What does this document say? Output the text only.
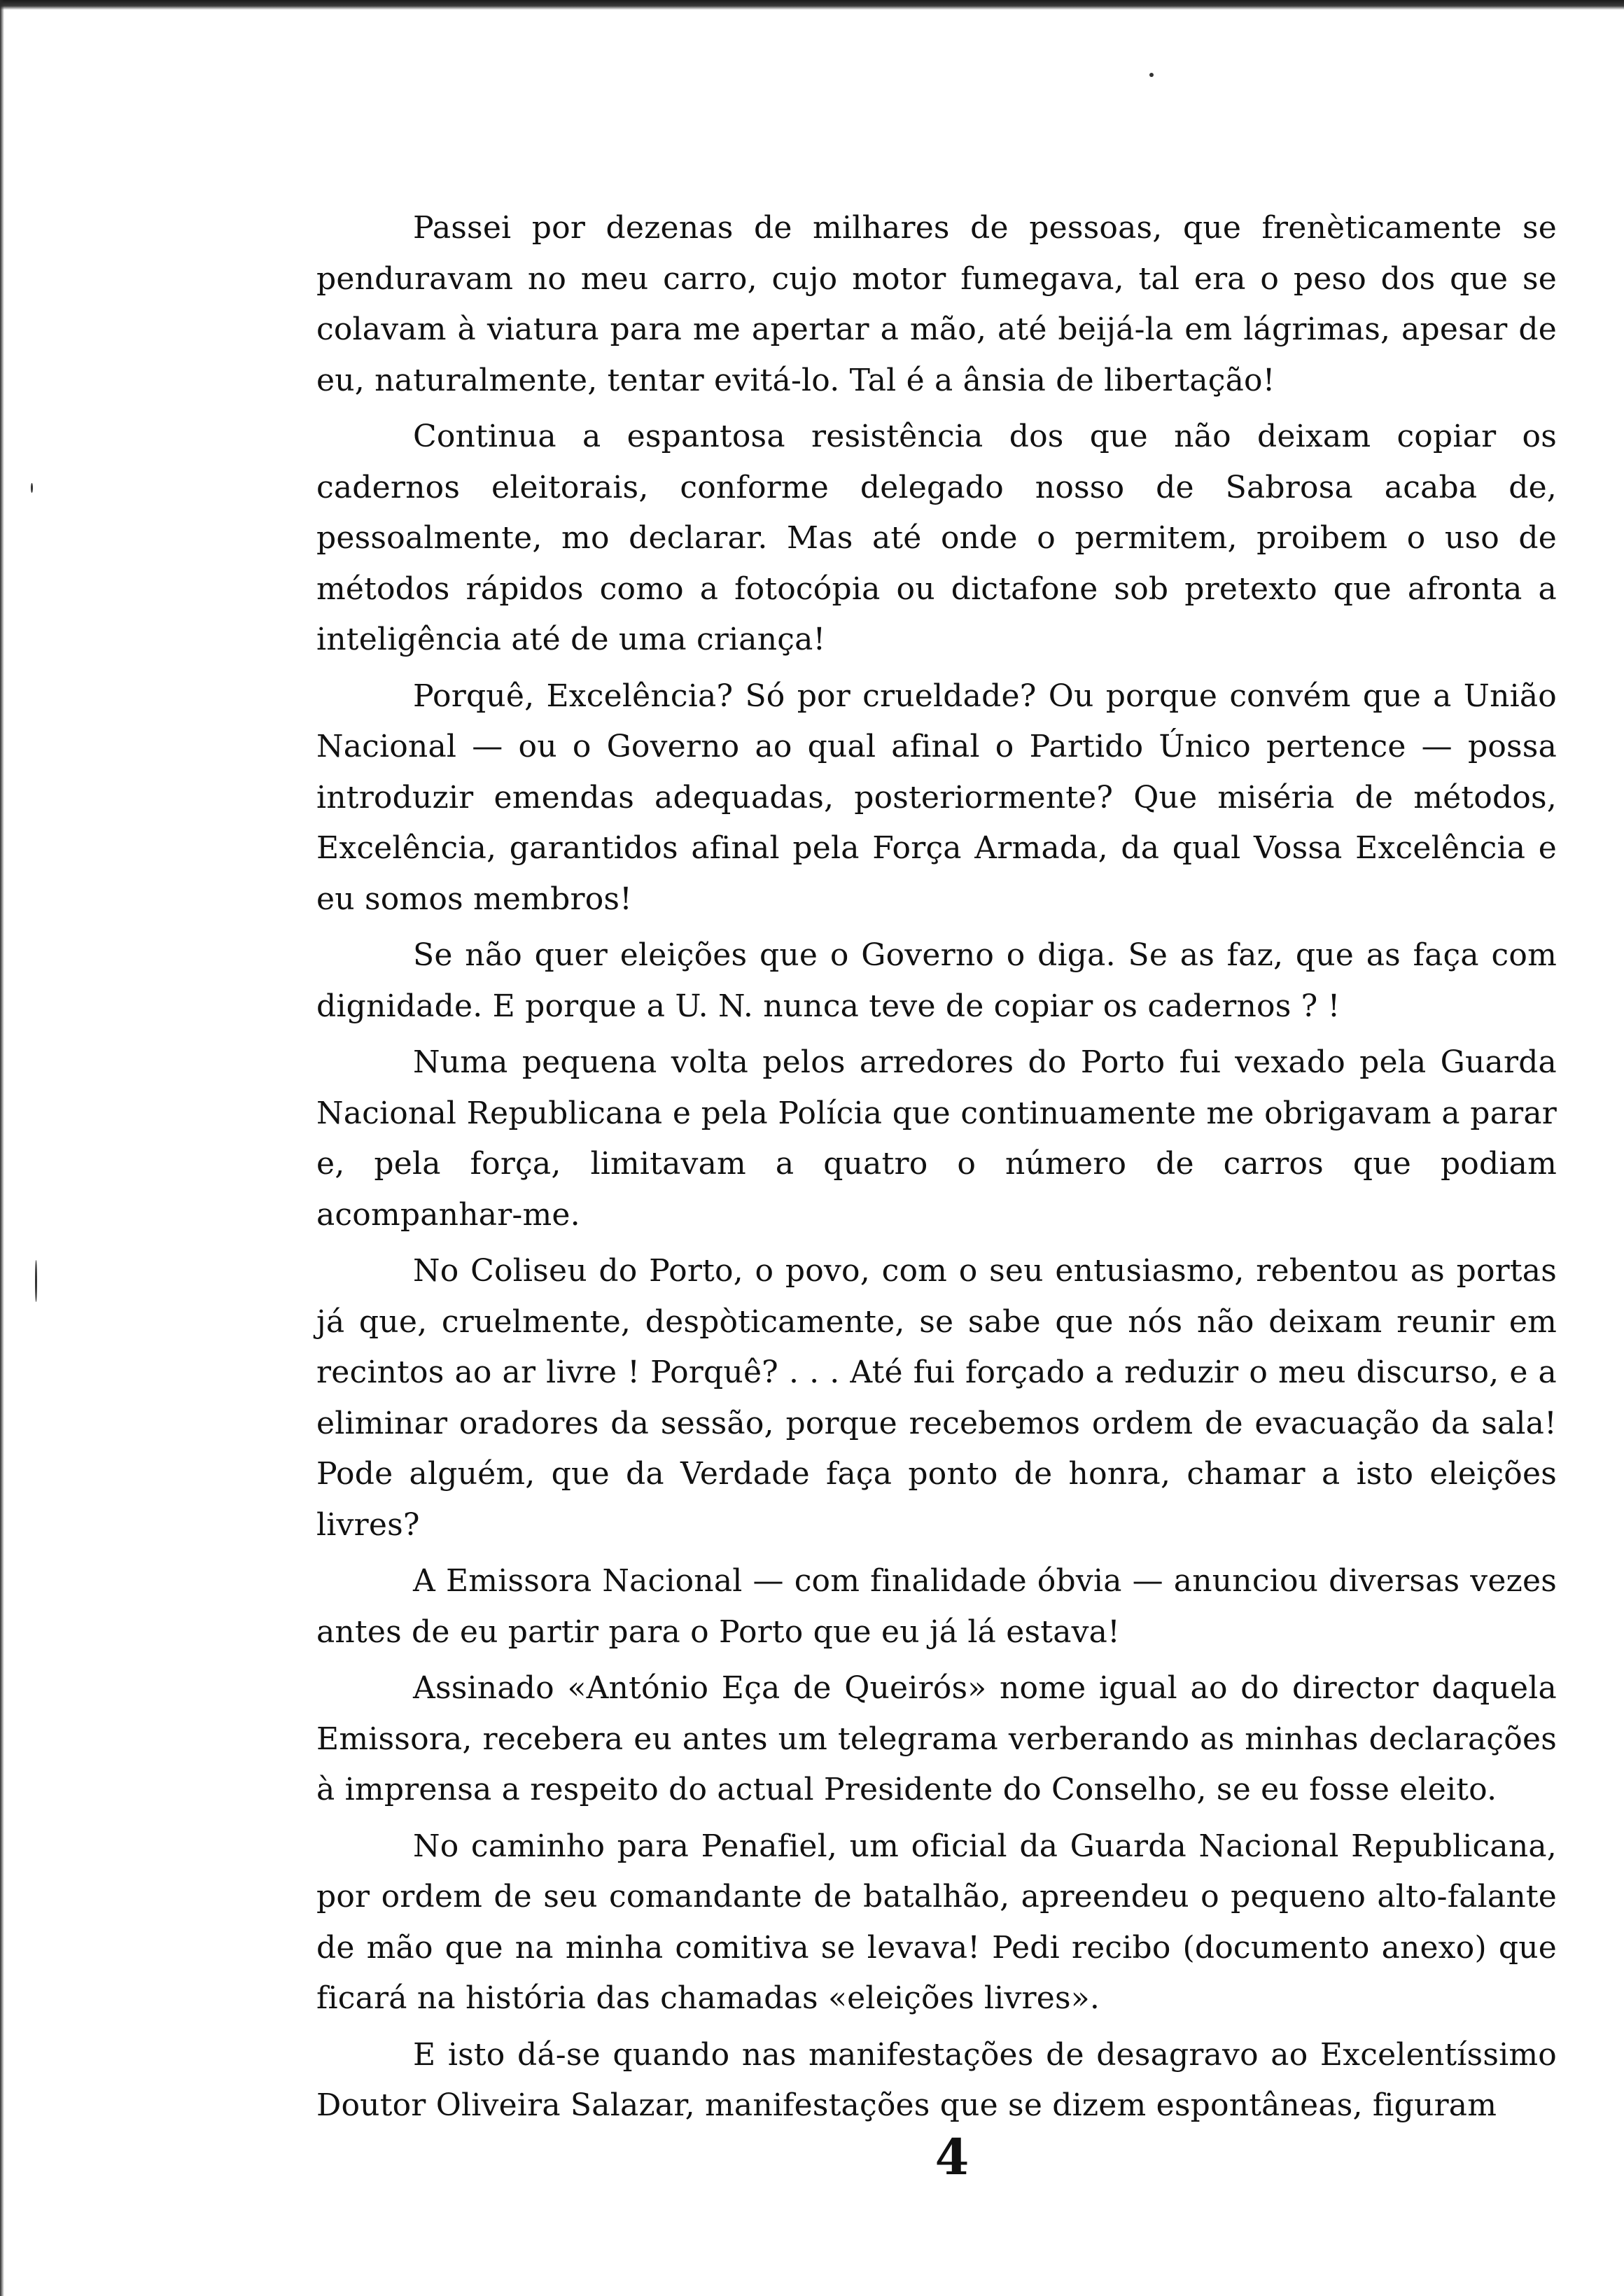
Passei por dezenas de milhares de pessoas, que frenèticamente se penduravam no meu carro, cujo motor fumegava, tal era o peso dos que se colavam à viatura para me apertar a mão, até beijá-la em lágrimas, apesar de eu, naturalmente, tentar evitá-lo. Tal é a ânsia de libertação!

Continua a espantosa resistência dos que não deixam copiar os cadernos eleitorais, conforme delegado nosso de Sabrosa acaba de, pessoalmente, mo declarar. Mas até onde o permitem, proibem o uso de métodos rápidos como a fotocópia ou dictafone sob pretexto que afronta a inteligência até de uma criança!

Porquê, Excelência? Só por crueldade? Ou porque convém que a União Nacional — ou o Governo ao qual afinal o Partido Único pertence — possa introduzir emendas adequadas, posteriormente? Que miséria de métodos, Excelência, garantidos afinal pela Força Armada, da qual Vossa Excelência e eu somos membros!

Se não quer eleições que o Governo o diga. Se as faz, que as faça com dignidade. E porque a U. N. nunca teve de copiar os cadernos ? !

Numa pequena volta pelos arredores do Porto fui vexado pela Guarda Nacional Republicana e pela Polícia que continuamente me obrigavam a parar e, pela força, limitavam a quatro o número de carros que podiam acompanhar-me.

No Coliseu do Porto, o povo, com o seu entusiasmo, rebentou as portas já que, cruelmente, despòticamente, se sabe que nós não deixam reunir em recintos ao ar livre ! Porquê? . . . Até fui forçado a reduzir o meu discurso, e a eliminar oradores da sessão, porque recebemos ordem de evacuação da sala! Pode alguém, que da Verdade faça ponto de honra, chamar a isto eleições livres?

A Emissora Nacional — com finalidade óbvia — anunciou diversas vezes antes de eu partir para o Porto que eu já lá estava!

Assinado «António Eça de Queirós» nome igual ao do director daquela Emissora, recebera eu antes um telegrama verberando as minhas declarações à imprensa a respeito do actual Presidente do Conselho, se eu fosse eleito.

No caminho para Penafiel, um oficial da Guarda Nacional Republicana, por ordem de seu comandante de batalhão, apreendeu o pequeno alto-falante de mão que na minha comitiva se levava! Pedi recibo (documento anexo) que ficará na história das chamadas «eleições livres».

E isto dá-se quando nas manifestações de desagravo ao Excelentíssimo Doutor Oliveira Salazar, manifestações que se dizem espontâneas, figuram

4
